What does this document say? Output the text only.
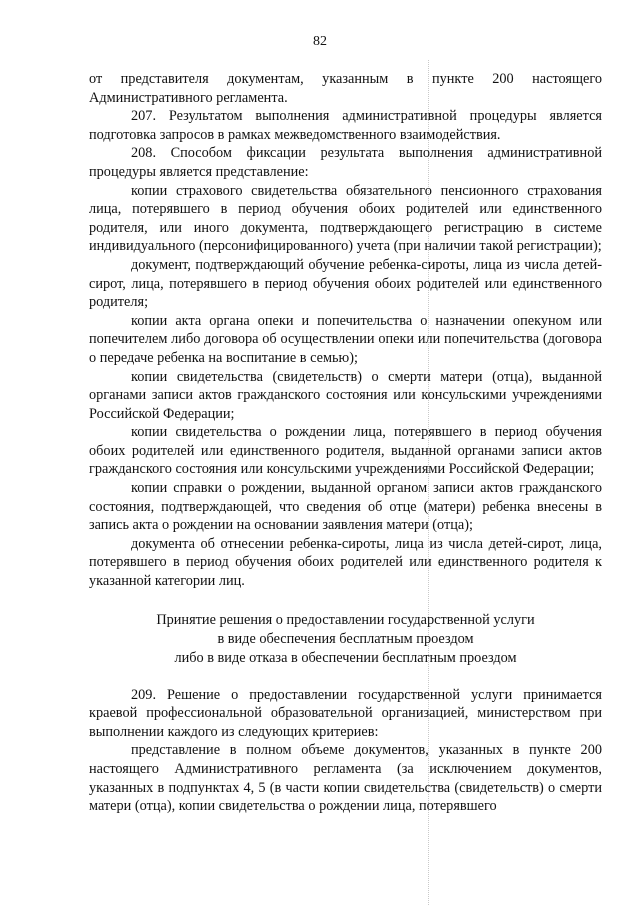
82

от представителя документам, указанным в пункте 200 настоящего Административного регламента.

207. Результатом выполнения административной процедуры является подготовка запросов в рамках межведомственного взаимодействия.

208. Способом фиксации результата выполнения административной процедуры является представление:

копии страхового свидетельства обязательного пенсионного страхования лица, потерявшего в период обучения обоих родителей или единственного родителя, или иного документа, подтверждающего регистрацию в системе индивидуального (персонифицированного) учета (при наличии такой регистрации);

документ, подтверждающий обучение ребенка-сироты, лица из числа детей-сирот, лица, потерявшего в период обучения обоих родителей или единственного родителя;

копии акта органа опеки и попечительства о назначении опекуном или попечителем либо договора об осуществлении опеки или попечительства (договора о передаче ребенка на воспитание в семью);

копии свидетельства (свидетельств) о смерти матери (отца), выданной органами записи актов гражданского состояния или консульскими учреждениями Российской Федерации;

копии свидетельства о рождении лица, потерявшего в период обучения обоих родителей или единственного родителя, выданной органами записи актов гражданского состояния или консульскими учреждениями Российской Федерации;

копии справки о рождении, выданной органом записи актов гражданского состояния, подтверждающей, что сведения об отце (матери) ребенка внесены в запись акта о рождении на основании заявления матери (отца);

документа об отнесении ребенка-сироты, лица из числа детей-сирот, лица, потерявшего в период обучения обоих родителей или единственного родителя к указанной категории лиц.

Принятие решения о предоставлении государственной услуги
в виде обеспечения бесплатным проездом
либо в виде отказа в обеспечении бесплатным проездом

209. Решение о предоставлении государственной услуги принимается краевой профессиональной образовательной организацией, министерством при выполнении каждого из следующих критериев:

представление в полном объеме документов, указанных в пункте 200 настоящего Административного регламента (за исключением документов, указанных в подпунктах 4, 5 (в части копии свидетельства (свидетельств) о смерти матери (отца), копии свидетельства о рождении лица, потерявшего
